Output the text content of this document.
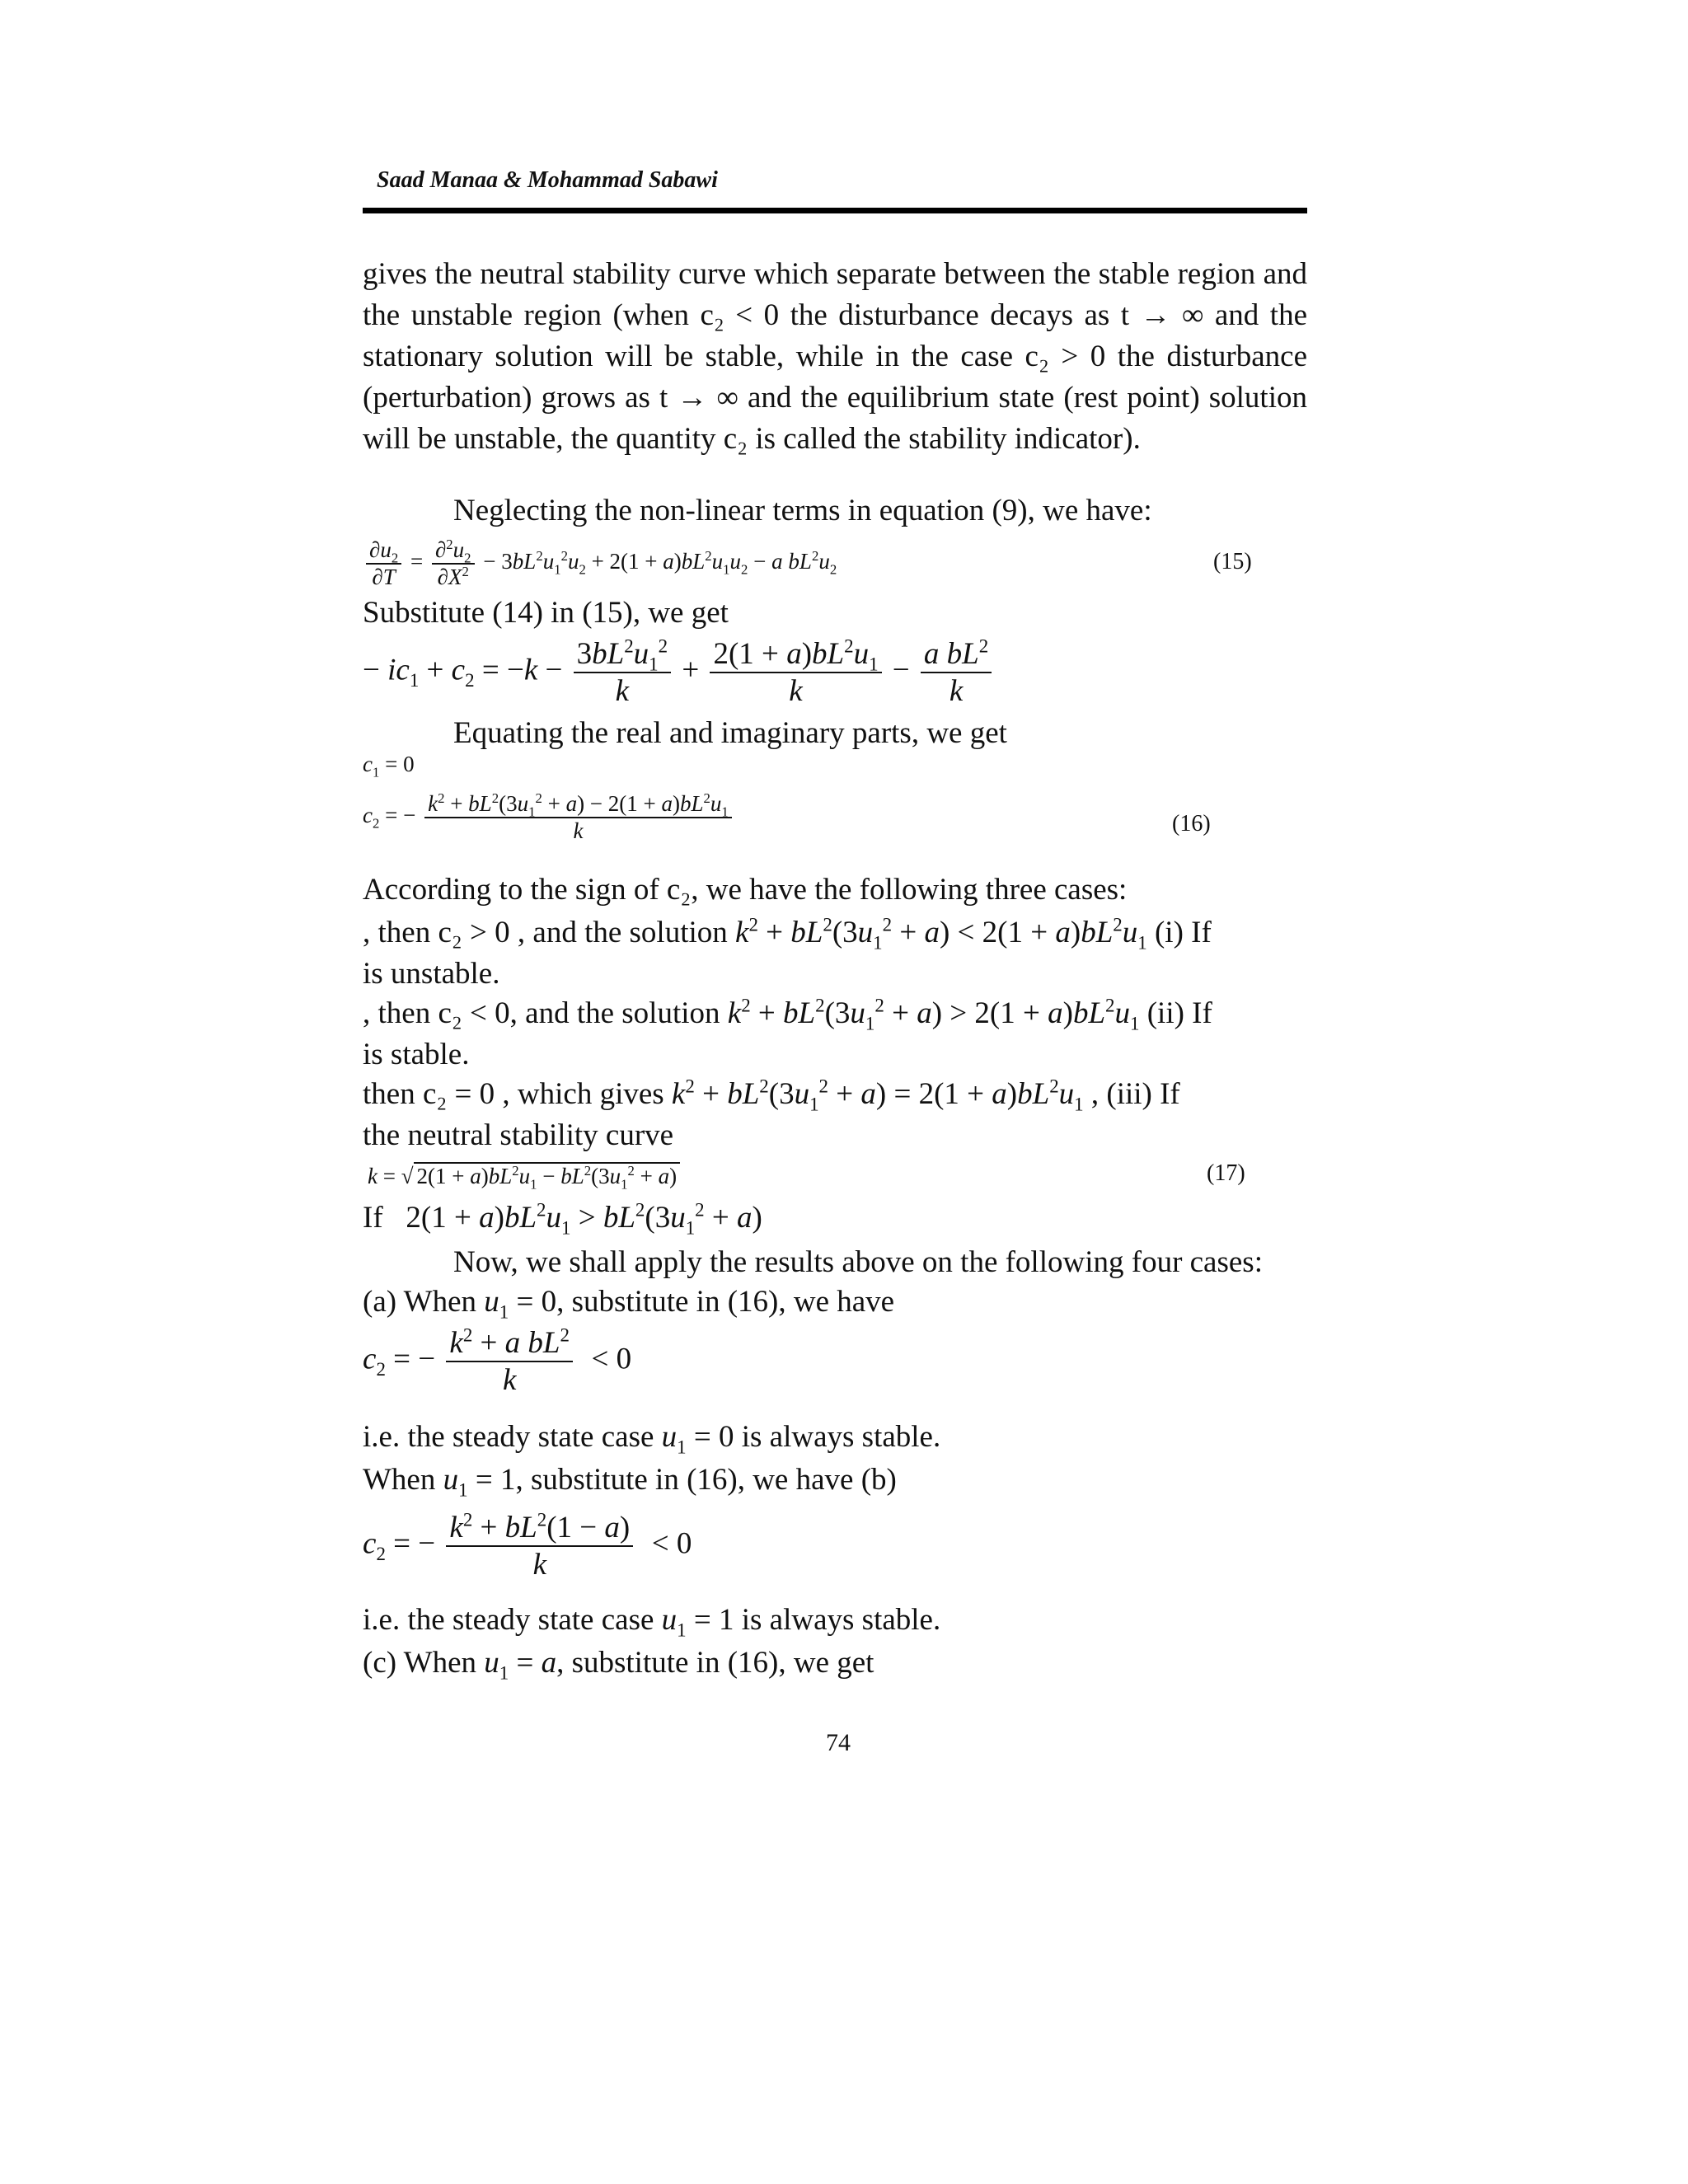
Saad Manaa & Mohammad Sabawi
gives the neutral stability curve which separate between the stable region and the unstable region (when c₂ < 0 the disturbance decays as t → ∞ and the stationary solution will be stable, while in the case c₂ > 0 the disturbance (perturbation) grows as t → ∞ and the equilibrium state (rest point) solution will be unstable, the quantity c₂ is called the stability indicator).
Neglecting the non-linear terms in equation (9), we have:
$\frac{\partial u_2}{\partial T} = \frac{\partial^2u_2}{\partial X^2} - 3bL^2u_1^2u_2 + 2(1 + a)bL^2u_1u_2 - a$ $bL^2u_2$	(15)
Substitute (14) in (15), we get
− $ic_1 + c_2 = -k - \frac{3bL^2u_1^2}{k} + \frac{2(1 + a)bL^2u_1}{k} - \frac{a bL^2}{k}$
Equating the real and imaginary parts, we get
$c_1 = 0$
$c_2$ = − $\frac{k^2 + bL^2(3u_1^2 + a) - 2(1 + a)bL^2u_1}{k}$	(16)
According to the sign of c₂, we have the following three cases:
, then c₂ > 0 , and the solution $k^2 + bL^2(3u_1^2 + a) < 2(1 + a)bL^2u_1$ (i) If
is unstable.
, then c₂ < 0, and the solution $k^2 + bL^2(3u_1^2 + a) > 2(1 + a)bL^2u_1$ (ii) If
is stable.
then c₂ = 0 , which gives $k^2 + bL^2(3u_1^2 + a) = 2(1 + a)bL^2u_1$ , (iii) If
the neutral stability curve
k = √ $2(1 + a)bL^2u_1 - bL^2(3u_1^2 + a)$	(17)
If   $2(1 + a)bL^2u_1 > bL^2(3u_1^2 + a)$
Now, we shall apply the results above on the following four cases:
(a) When $u_1 = 0$, substitute in (16), we have
$c_2$ = − $\frac{k^2 + a bL^2}{k} < 0$
i.e. the steady state case $u_1 = 0$ is always stable.
When $u_1 = 1$, substitute in (16), we have (b)
$c_2$ = − $\frac{k^2 + bL^2(1 - a)}{k} < 0$
i.e. the steady state case $u_1 = 1$ is always stable.
(c) When $u_1 = a$, substitute in (16), we get
74
